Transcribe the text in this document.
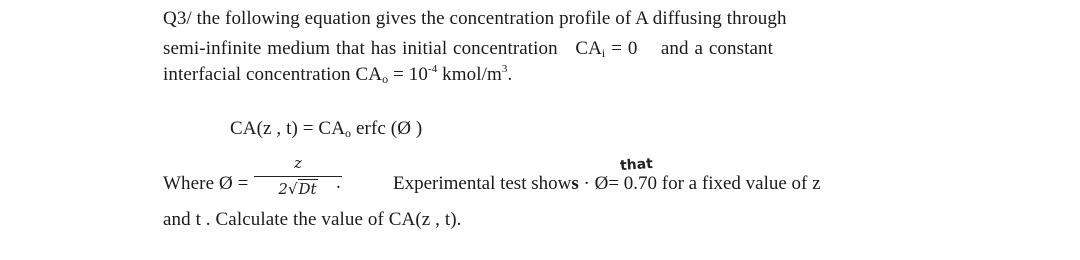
Q3/ the following equation gives the concentration profile of A diffusing through
semi-infinite medium that has initial concentration $CA_i = 0$ and a constant
interfacial concentration $CA_o = 10^{-4}$ kmol/$m^3$.
CA(z , $t) = CA_o$ erfc (Ø )
Where Ø =
z
2√Dt	.
that
Experimental test shows · Ø= 0.70 for a fixed value of z
and t . Calculate the value of CA(z , t).
